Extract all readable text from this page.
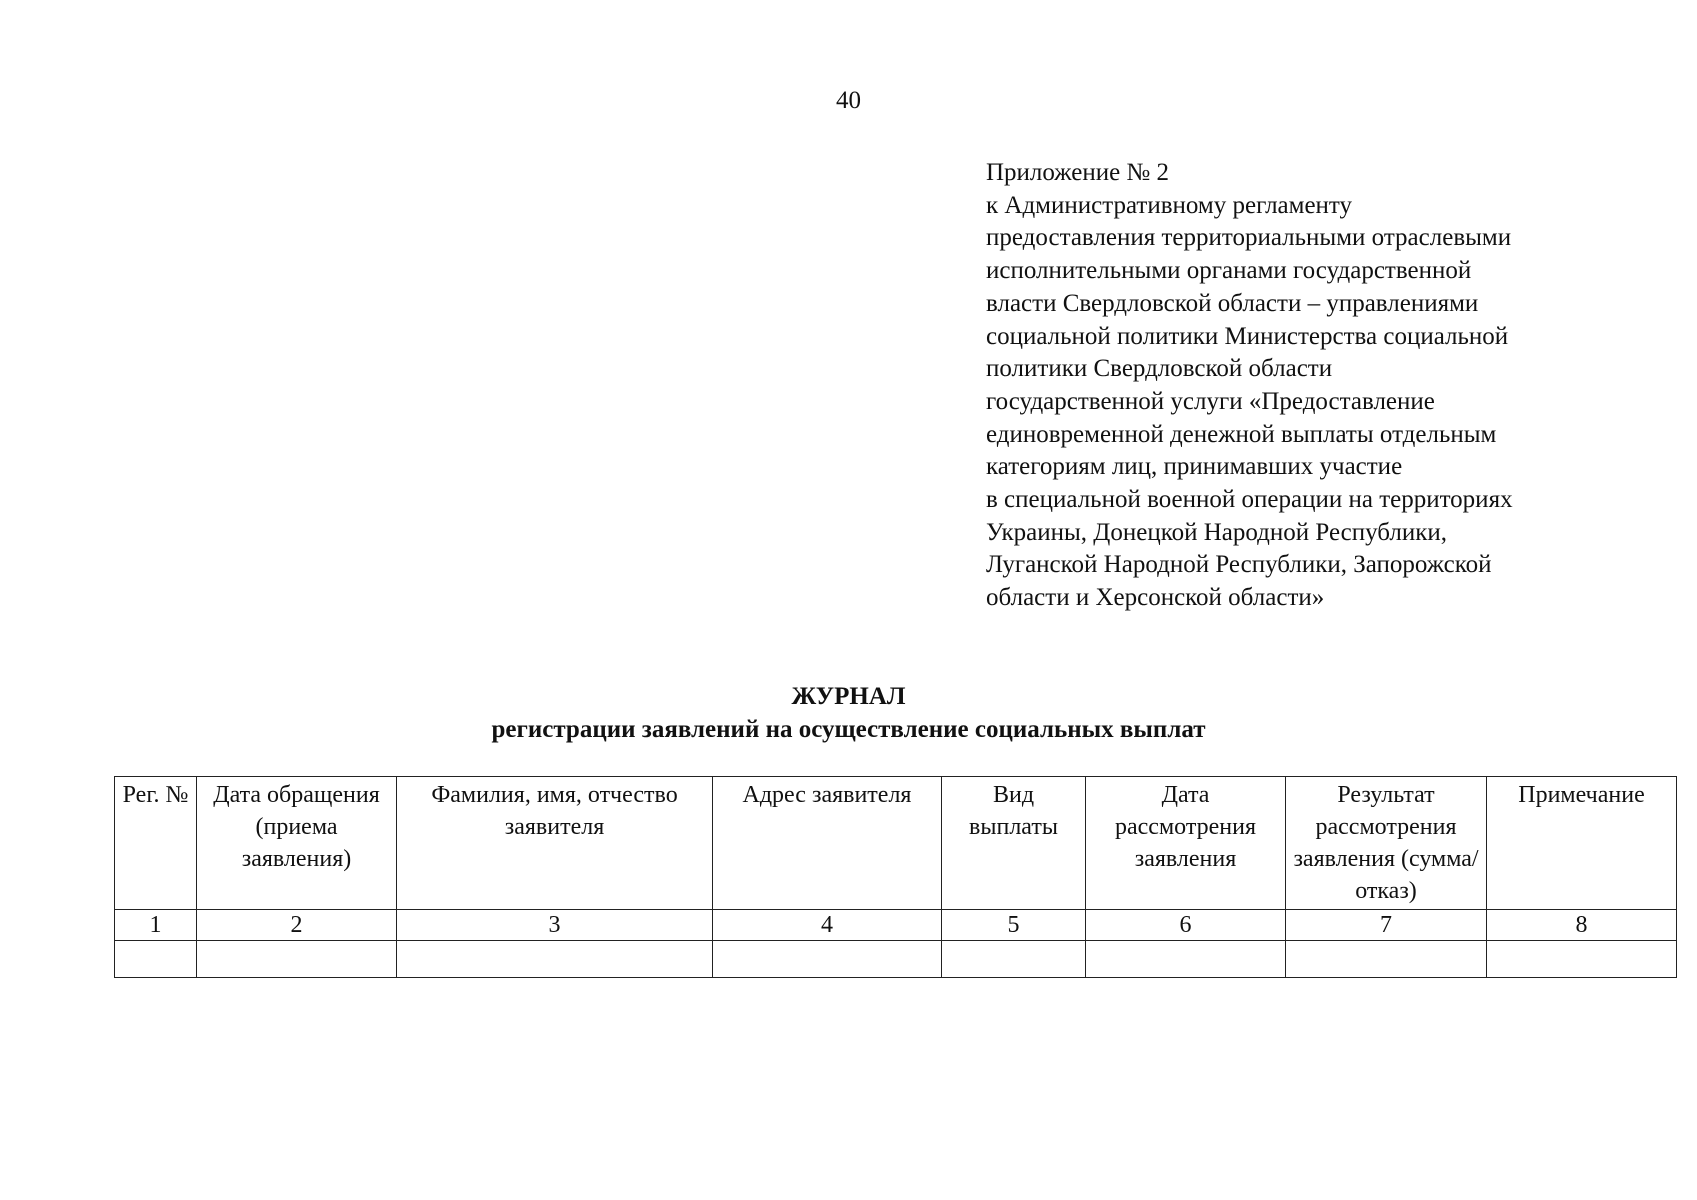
40
Приложение № 2
к Административному регламенту
предоставления территориальными отраслевыми
исполнительными органами государственной
власти Свердловской области – управлениями
социальной политики Министерства социальной
политики Свердловской области
государственной услуги «Предоставление
единовременной денежной выплаты отдельным
категориям лиц, принимавших участие
в специальной военной операции на территориях
Украины, Донецкой Народной Республики,
Луганской Народной Республики, Запорожской
области и Херсонской области»
ЖУРНАЛ
регистрации заявлений на осуществление социальных выплат
Рег. №	Дата обращения (приема заявления)	Фамилия, имя, отчество заявителя	Адрес заявителя	Вид выплаты	Дата рассмотрения заявления	Результат рассмотрения заявления (сумма/отказ)	Примечание
1	2	3	4	5	6	7	8
